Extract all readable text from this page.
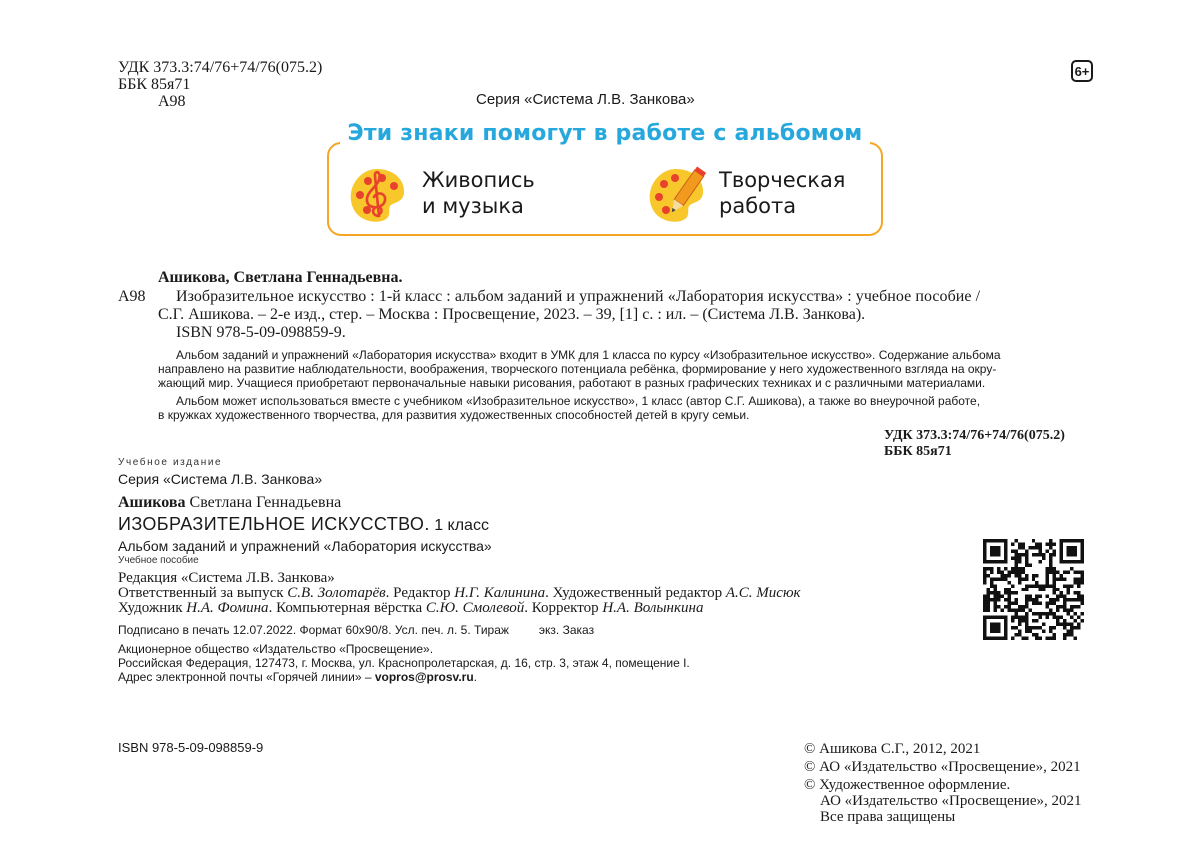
УДК 373.3:74/76+74/76(075.2)
ББК 85я71
А98	Серия «Система Л.В. Занкова»
6+
Эти знаки помогут в работе с альбомом
Живопись
и музыка
Творческая
работа
Ашикова, Светлана Геннадьевна.
А98 Изобразительное искусство : 1-й класс : альбом заданий и упражнений «Лаборатория искусства» : учебное пособие /
С.Г. Ашикова. – 2-е изд., стер. – Москва : Просвещение, 2023. – 39, [1] с. : ил. – (Система Л.В. Занкова).
ISBN 978-5-09-098859-9.
Альбом заданий и упражнений «Лаборатория искусства» входит в УМК для 1 класса по курсу «Изобразительное искусство». Содержание альбома
направлено на развитие наблюдательности, воображения, творческого потенциала ребёнка, формирование у него художественного взгляда на окру-
жающий мир. Учащиеся приобретают первоначальные навыки рисования, работают в разных графических техниках и с различными материалами.
Альбом может использоваться вместе с учебником «Изобразительное искусство», 1 класс (автор С.Г. Ашикова), а также во внеурочной работе,
в кружках художественного творчества, для развития художественных способностей детей в кругу семьи.
УДК 373.3:74/76+74/76(075.2)
ББК 85я71
Учебное издание
Серия «Система Л.В. Занкова»
Ашикова Светлана Геннадьевна
ИЗОБРАЗИТЕЛЬНОЕ ИСКУССТВО. 1 класс
Альбом заданий и упражнений «Лаборатория искусства»
Учебное пособие
Редакция «Система Л.В. Занкова»
Ответственный за выпуск С.В. Золотарёв. Редактор Н.Г. Калинина. Художественный редактор А.С. Мисюк
Художник Н.А. Фомина. Компьютерная вёрстка С.Ю. Смолевой. Корректор Н.А. Волынкина
Подписано в печать 12.07.2022. Формат 60x90/8. Усл. печ. л. 5. Тираж         экз. Заказ
Акционерное общество «Издательство «Просвещение».
Российская Федерация, 127473, г. Москва, ул. Краснопролетарская, д. 16, стр. 3, этаж 4, помещение I.
Адрес электронной почты «Горячей линии» – vopros@prosv.ru.
ISBN 978-5-09-098859-9	© Ашикова С.Г., 2012, 2021
© АО «Издательство «Просвещение», 2021
© Художественное оформление.
АО «Издательство «Просвещение», 2021
Все права защищены
